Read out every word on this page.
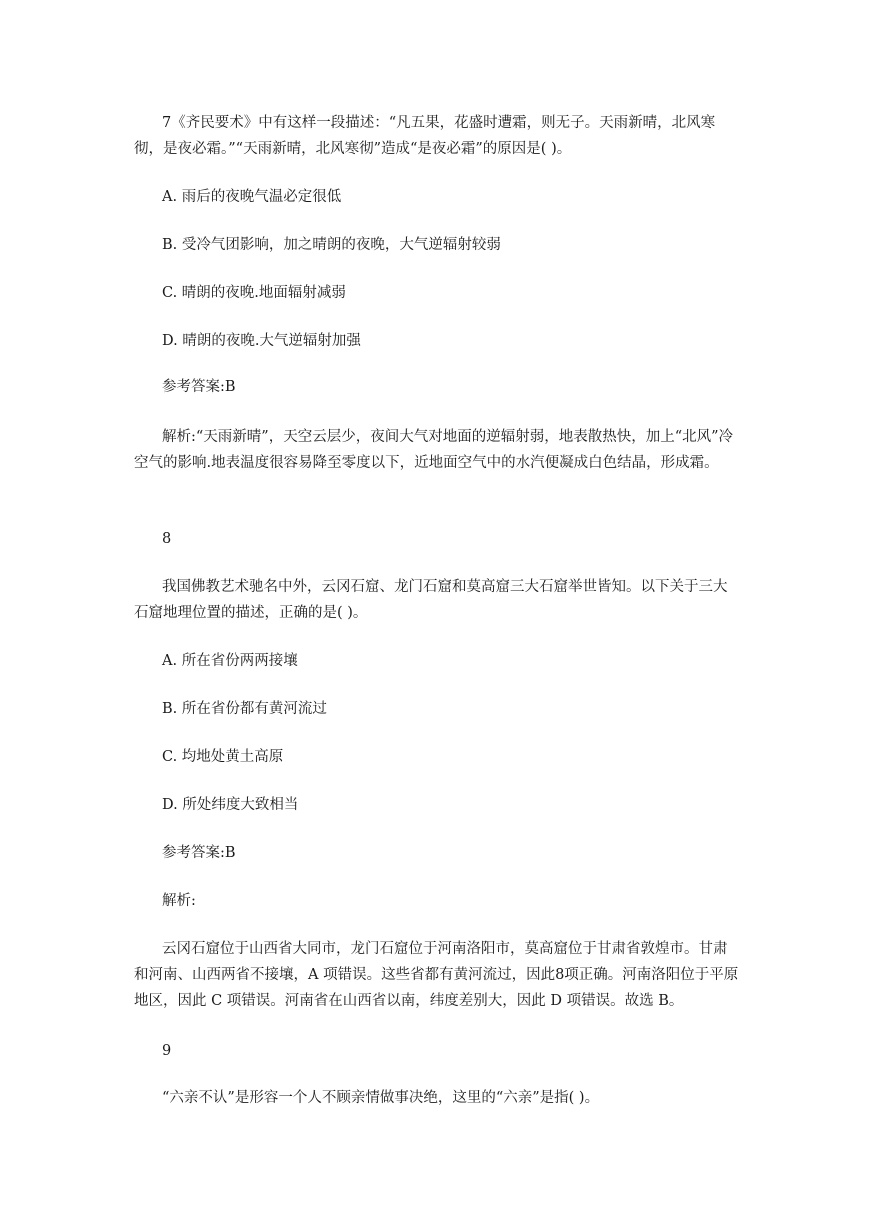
7《齐民要术》中有这样一段描述：“凡五果，花盛时遭霜，则无子。天雨新晴，北风寒彻，是夜必霜。”“天雨新晴，北风寒彻”造成“是夜必霜”的原因是( )。

A. 雨后的夜晚气温必定很低

B. 受冷气团影响，加之晴朗的夜晚，大气逆辐射较弱

C. 晴朗的夜晚.地面辐射减弱

D. 晴朗的夜晚.大气逆辐射加强

参考答案:B

解析:“天雨新晴”，天空云层少，夜间大气对地面的逆辐射弱，地表散热快，加上“北风”冷空气的影响.地表温度很容易降至零度以下，近地面空气中的水汽便凝成白色结晶，形成霜。

8

我国佛教艺术驰名中外，云冈石窟、龙门石窟和莫高窟三大石窟举世皆知。以下关于三大石窟地理位置的描述，正确的是( )。

A. 所在省份两两接壤

B. 所在省份都有黄河流过

C. 均地处黄土高原

D. 所处纬度大致相当

参考答案:B

解析:

云冈石窟位于山西省大同市，龙门石窟位于河南洛阳市，莫高窟位于甘肃省敦煌市。甘肃和河南、山西两省不接壤，A 项错误。这些省都有黄河流过，因此8项正确。河南洛阳位于平原地区，因此 C 项错误。河南省在山西省以南，纬度差别大，因此 D 项错误。故选 B。

9

“六亲不认”是形容一个人不顾亲情做事决绝，这里的“六亲”是指( )。
